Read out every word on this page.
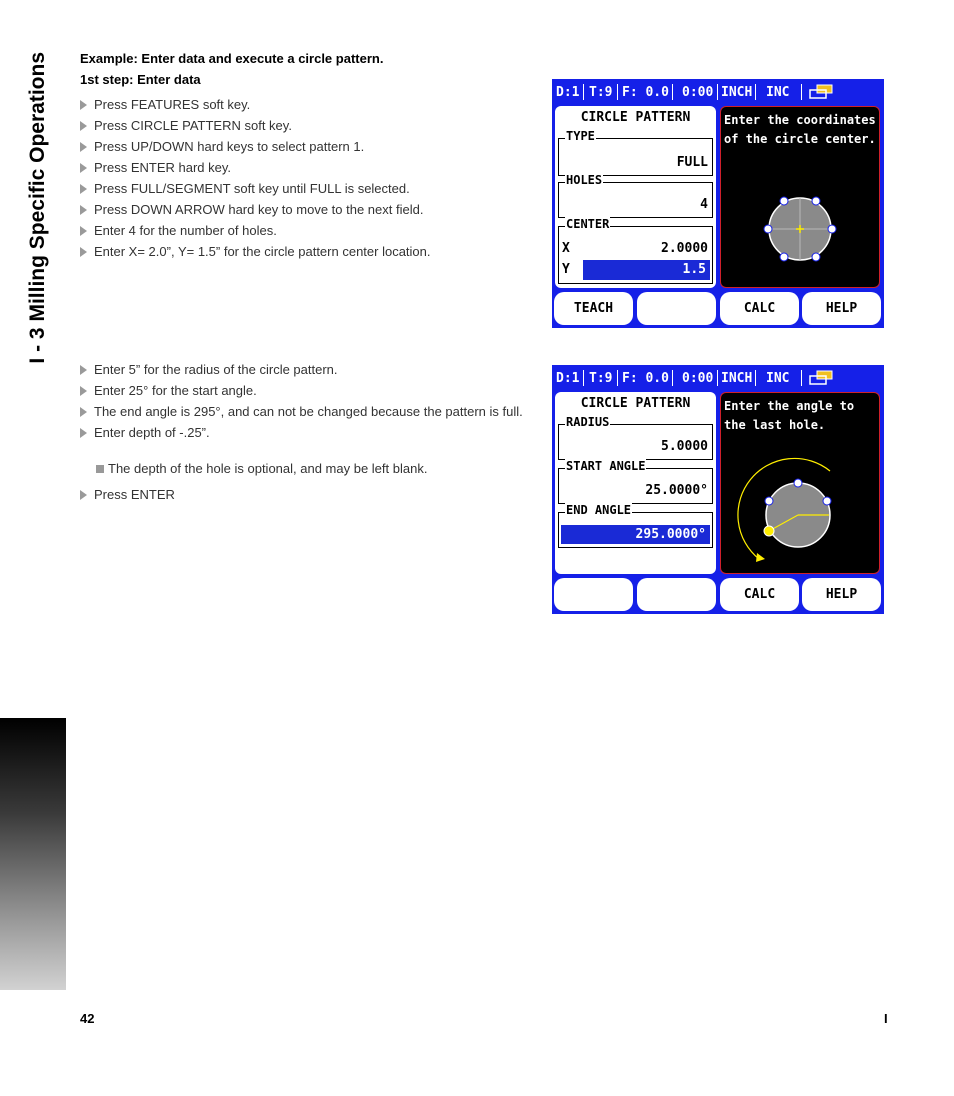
I - 3 Milling Specific Operations Example: Enter data and execute a circle pattern.
1st step: Enter data
Press FEATURES soft key.
Press CIRCLE PATTERN soft key.
Press UP/DOWN hard keys to select pattern 1.
Press ENTER hard key.
Press FULL/SEGMENT soft key until FULL is selected.
Press DOWN ARROW hard key to move to the next field.
Enter 4 for the number of holes.
Enter X= 2.0”, Y= 1.5” for the circle pattern center location.
Enter 5” for the radius of the circle pattern.
Enter 25° for the start angle.
The end angle is 295°, and can not be changed because the pattern is full.
Enter depth of -.25”.
The depth of the hole is optional, and may be left blank.
Press ENTER
D:1 T:9 F: 0.0 0:00 INCH INC
CIRCLE PATTERN
TYPE
FULL
HOLES
4
CENTER
X	2.0000
Y	1.5
Enter the coordinates of the circle center.
TEACH	CALC	HELP
D:1 T:9 F: 0.0 0:00 INCH INC
CIRCLE PATTERN
RADIUS
5.0000
START ANGLE
25.0000°
END ANGLE
295.0000°
Enter the angle to the last hole.
CALC	HELP
42	I
